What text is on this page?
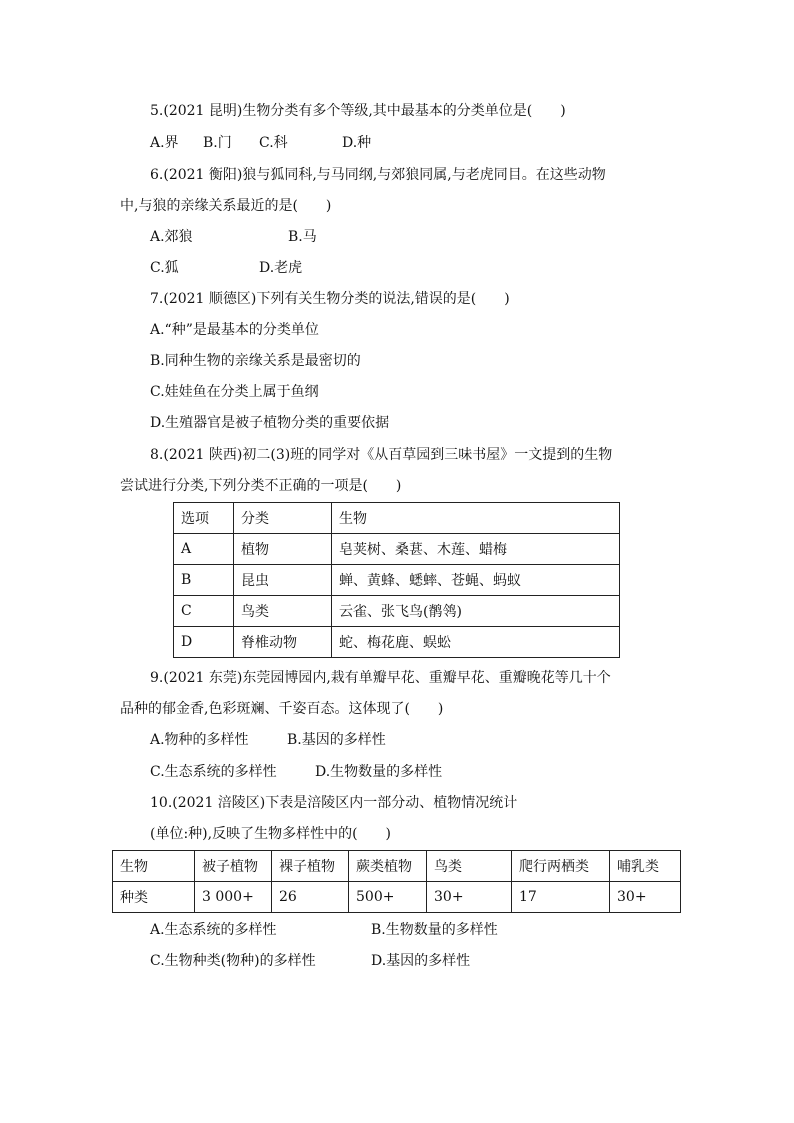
5.(2021 昆明)生物分类有多个等级,其中最基本的分类单位是(　　)
A.界 B.门 C.科	D.种
6.(2021 衡阳)狼与狐同科,与马同纲,与郊狼同属,与老虎同目。在这些动物
中,与狼的亲缘关系最近的是(　　)
A.郊狼	B.马
C.狐	D.老虎
7.(2021 顺德区)下列有关生物分类的说法,错误的是(　　)
A.“种”是最基本的分类单位
B.同种生物的亲缘关系是最密切的
C.娃娃鱼在分类上属于鱼纲
D.生殖器官是被子植物分类的重要依据
8.(2021 陕西)初二(3)班的同学对《从百草园到三味书屋》一文提到的生物
尝试进行分类,下列分类不正确的一项是(　　)
选项	分类	生物
A	植物	皂荚树、桑葚、木莲、蜡梅
B	昆虫	蝉、黄蜂、蟋蟀、苍蝇、蚂蚁
C	鸟类	云雀、张飞鸟(鹡鸰)
D	脊椎动物	蛇、梅花鹿、蜈蚣
9.(2021 东莞)东莞园博园内,栽有单瓣早花、重瓣早花、重瓣晚花等几十个
品种的郁金香,色彩斑斓、千姿百态。这体现了(　　)
A.物种的多样性	B.基因的多样性
C.生态系统的多样性	D.生物数量的多样性
10.(2021 涪陵区)下表是涪陵区内一部分动、植物情况统计
(单位:种),反映了生物多样性中的(　　)
生物	被子植物	裸子植物	蕨类植物	鸟类	爬行两栖类	哺乳类
种类	3 000+	26	500+	30+	17	30+
A.生态系统的多样性	B.生物数量的多样性
C.生物种类(物种)的多样性	D.基因的多样性
